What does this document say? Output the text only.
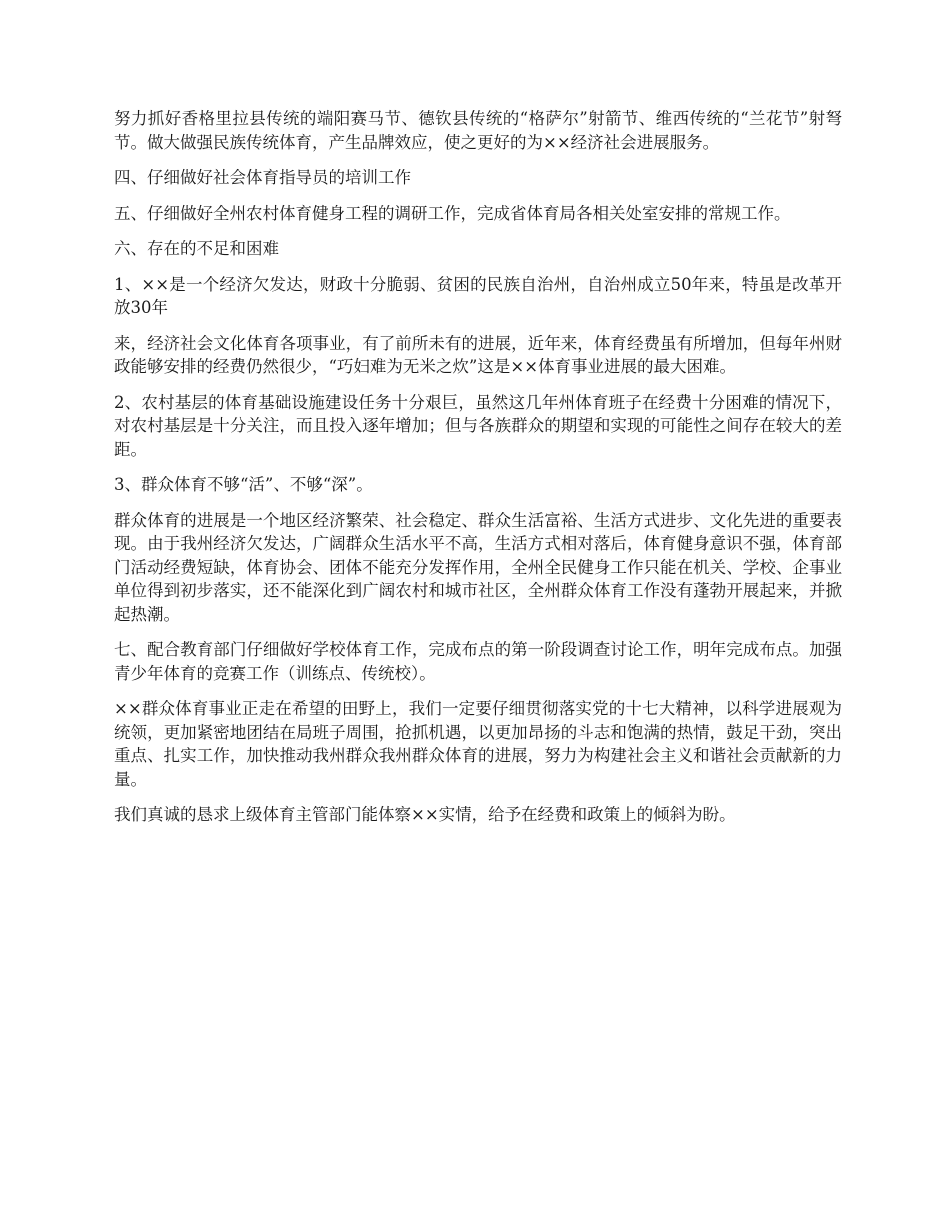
努力抓好香格里拉县传统的端阳赛马节、德钦县传统的“格萨尔”射箭节、维西传统的“兰花节”射弩节。做大做强民族传统体育，产生品牌效应，使之更好的为××经济社会进展服务。

四、仔细做好社会体育指导员的培训工作

五、仔细做好全州农村体育健身工程的调研工作，完成省体育局各相关处室安排的常规工作。

六、存在的不足和困难

1、××是一个经济欠发达，财政十分脆弱、贫困的民族自治州，自治州成立50年来，特虽是改革开放30年

来，经济社会文化体育各项事业，有了前所未有的进展，近年来，体育经费虽有所增加，但每年州财政能够安排的经费仍然很少，“巧妇难为无米之炊”这是××体育事业进展的最大困难。

2、农村基层的体育基础设施建设任务十分艰巨，虽然这几年州体育班子在经费十分困难的情况下，对农村基层是十分关注，而且投入逐年增加；但与各族群众的期望和实现的可能性之间存在较大的差距。

3、群众体育不够“活”、不够“深”。

群众体育的进展是一个地区经济繁荣、社会稳定、群众生活富裕、生活方式进步、文化先进的重要表现。由于我州经济欠发达，广阔群众生活水平不高，生活方式相对落后，体育健身意识不强，体育部门活动经费短缺，体育协会、团体不能充分发挥作用，全州全民健身工作只能在机关、学校、企事业单位得到初步落实，还不能深化到广阔农村和城市社区，全州群众体育工作没有蓬勃开展起来，并掀起热潮。

七、配合教育部门仔细做好学校体育工作，完成布点的第一阶段调查讨论工作，明年完成布点。加强青少年体育的竞赛工作（训练点、传统校）。

××群众体育事业正走在希望的田野上，我们一定要仔细贯彻落实党的十七大精神，以科学进展观为统领，更加紧密地团结在局班子周围，抢抓机遇，以更加昂扬的斗志和饱满的热情，鼓足干劲，突出重点、扎实工作，加快推动我州群众我州群众体育的进展，努力为构建社会主义和谐社会贡献新的力量。

我们真诚的恳求上级体育主管部门能体察××实情，给予在经费和政策上的倾斜为盼。
